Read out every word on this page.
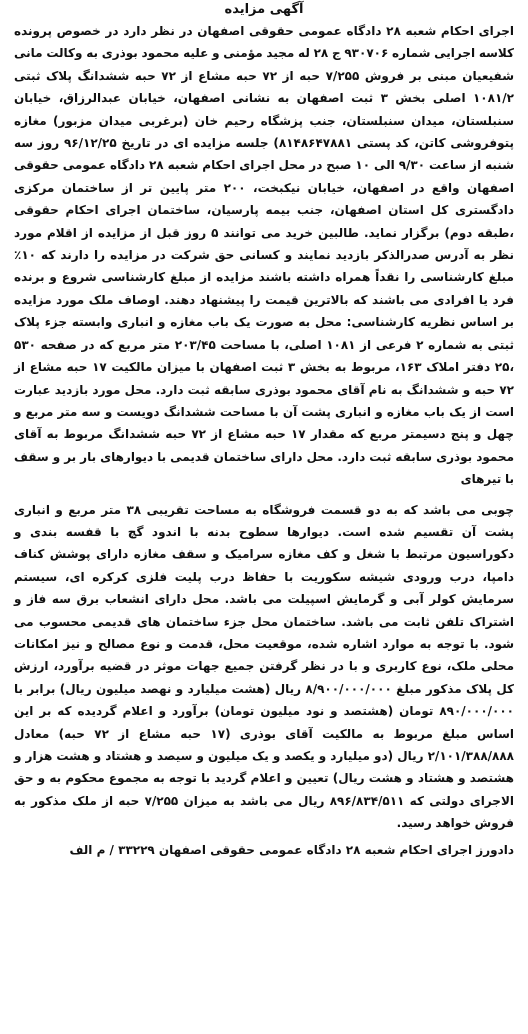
آگهی مزایده

اجرای احکام شعبه ۲۸ دادگاه عمومی حقوقی اصفهان در نظر دارد در خصوص پرونده کلاسه اجرایی شماره ۹۳۰۷۰۶ ج ۲۸ له مجید مؤمنی و علیه محمود بوذری به وکالت مانی شفیعیان مبنی بر فروش ۷/۲۵۵ حبه از ۷۲ حبه مشاع از ۷۲ حبه ششدانگ پلاک ثبتی ۱۰۸۱/۲ اصلی بخش ۳ ثبت اصفهان به نشانی اصفهان، خیابان عبدالرزاق، خیابان سنبلستان، میدان سنبلستان، جنب پزشگاه رحیم خان (برغربی میدان مزبور) مغازه پتوفروشی کاتن، کد پستی ۸۱۴۸۶۴۷۸۸۱) جلسه مزایده ای در تاریخ ۹۶/۱۲/۲۵ روز سه شنبه از ساعت ۹/۳۰ الی ۱۰ صبح در محل اجرای احکام شعبه ۲۸ دادگاه عمومی حقوقی اصفهان واقع در اصفهان، خیابان نیکبخت، ۲۰۰ متر پایین تر از ساختمان مرکزی دادگستری کل استان اصفهان، جنب بیمه پارسیان، ساختمان اجرای احکام حقوقی ،طبقه دوم) برگزار نماید. طالبین خرید می توانند ۵ روز قبل از مزایده از اقلام مورد نظر به آدرس صدرالذکر بازدید نمایند و کسانی حق شرکت در مزایده را دارند که ۱۰٪ مبلغ کارشناسی را نقداً همراه داشته باشند مزایده از مبلغ کارشناسی شروع و برنده فرد یا افرادی می باشند که بالاترین قیمت را پیشنهاد دهند. اوصاف ملک مورد مزایده بر اساس نظریه کارشناسی: محل به صورت یک باب مغازه و انباری وابسته جزء پلاک ثبتی به شماره ۲ فرعی از ۱۰۸۱ اصلی، با مساحت ۲۰۳/۴۵ متر مربع که در صفحه ۵۳۰ ،۲۵ دفتر املاک ۱۶۳، مربوط به بخش ۳ ثبت اصفهان با میزان مالکیت ۱۷ حبه مشاع از ۷۲ حبه و ششدانگ به نام آقای محمود بوذری سابقه ثبت دارد. محل مورد بازدید عبارت است از یک باب مغازه و انباری پشت آن با مساحت ششدانگ دویست و سه متر مربع و چهل و پنج دسیمتر مربع که مقدار ۱۷ حبه مشاع از ۷۲ حبه ششدانگ مربوط به آقای محمود بوذری سابقه ثبت دارد. محل دارای ساختمان قدیمی با دیوارهای بار بر و سقف با تیرهای

چوبی می باشد که به دو قسمت فروشگاه به مساحت تقریبی ۳۸ متر مربع و انباری پشت آن تقسیم شده است. دیوارها سطوح بدنه با اندود گچ با قفسه بندی و دکوراسیون مرتبط با شغل و کف مغازه سرامیک و سقف مغازه دارای پوشش کناف دامپا، درب ورودی شیشه سکوریت با حفاظ درب پلیت فلزی کرکره ای، سیستم سرمایش کولر آبی و گرمایش اسپیلت می باشد. محل دارای انشعاب برق سه فاز و اشتراک تلفن ثابت می باشد. ساختمان محل جزء ساختمان های قدیمی محسوب می شود. با توجه به موارد اشاره شده، موقعیت محل، قدمت و نوع مصالح و نیز امکانات محلی ملک، نوع کاربری و با در نظر گرفتن جمیع جهات موثر در قضیه برآورد، ارزش کل پلاک مذکور مبلغ ۸/۹۰۰/۰۰۰/۰۰۰ ریال (هشت میلیارد و نهصد میلیون ریال) برابر با ۸۹۰/۰۰۰/۰۰۰ تومان (هشتصد و نود میلیون تومان) برآورد و اعلام گردیده که بر این اساس مبلغ مربوط به مالکیت آقای بوذری (۱۷ حبه مشاع از ۷۲ حبه) معادل ۲/۱۰۱/۳۸۸/۸۸۸ ریال (دو میلیارد و یکصد و یک میلیون و سیصد و هشتاد و هشت هزار و هشتصد و هشتاد و هشت ریال) تعیین و اعلام گردید با توجه به مجموع محکوم به و حق الاجرای دولتی که ۸۹۶/۸۳۴/۵۱۱ ریال می باشد به میزان ۷/۲۵۵ حبه از ملک مذکور به فروش خواهد رسید.

دادورز اجرای احکام شعبه ۲۸ دادگاه عمومی حقوقی اصفهان ۳۳۲۲۹ / م الف
